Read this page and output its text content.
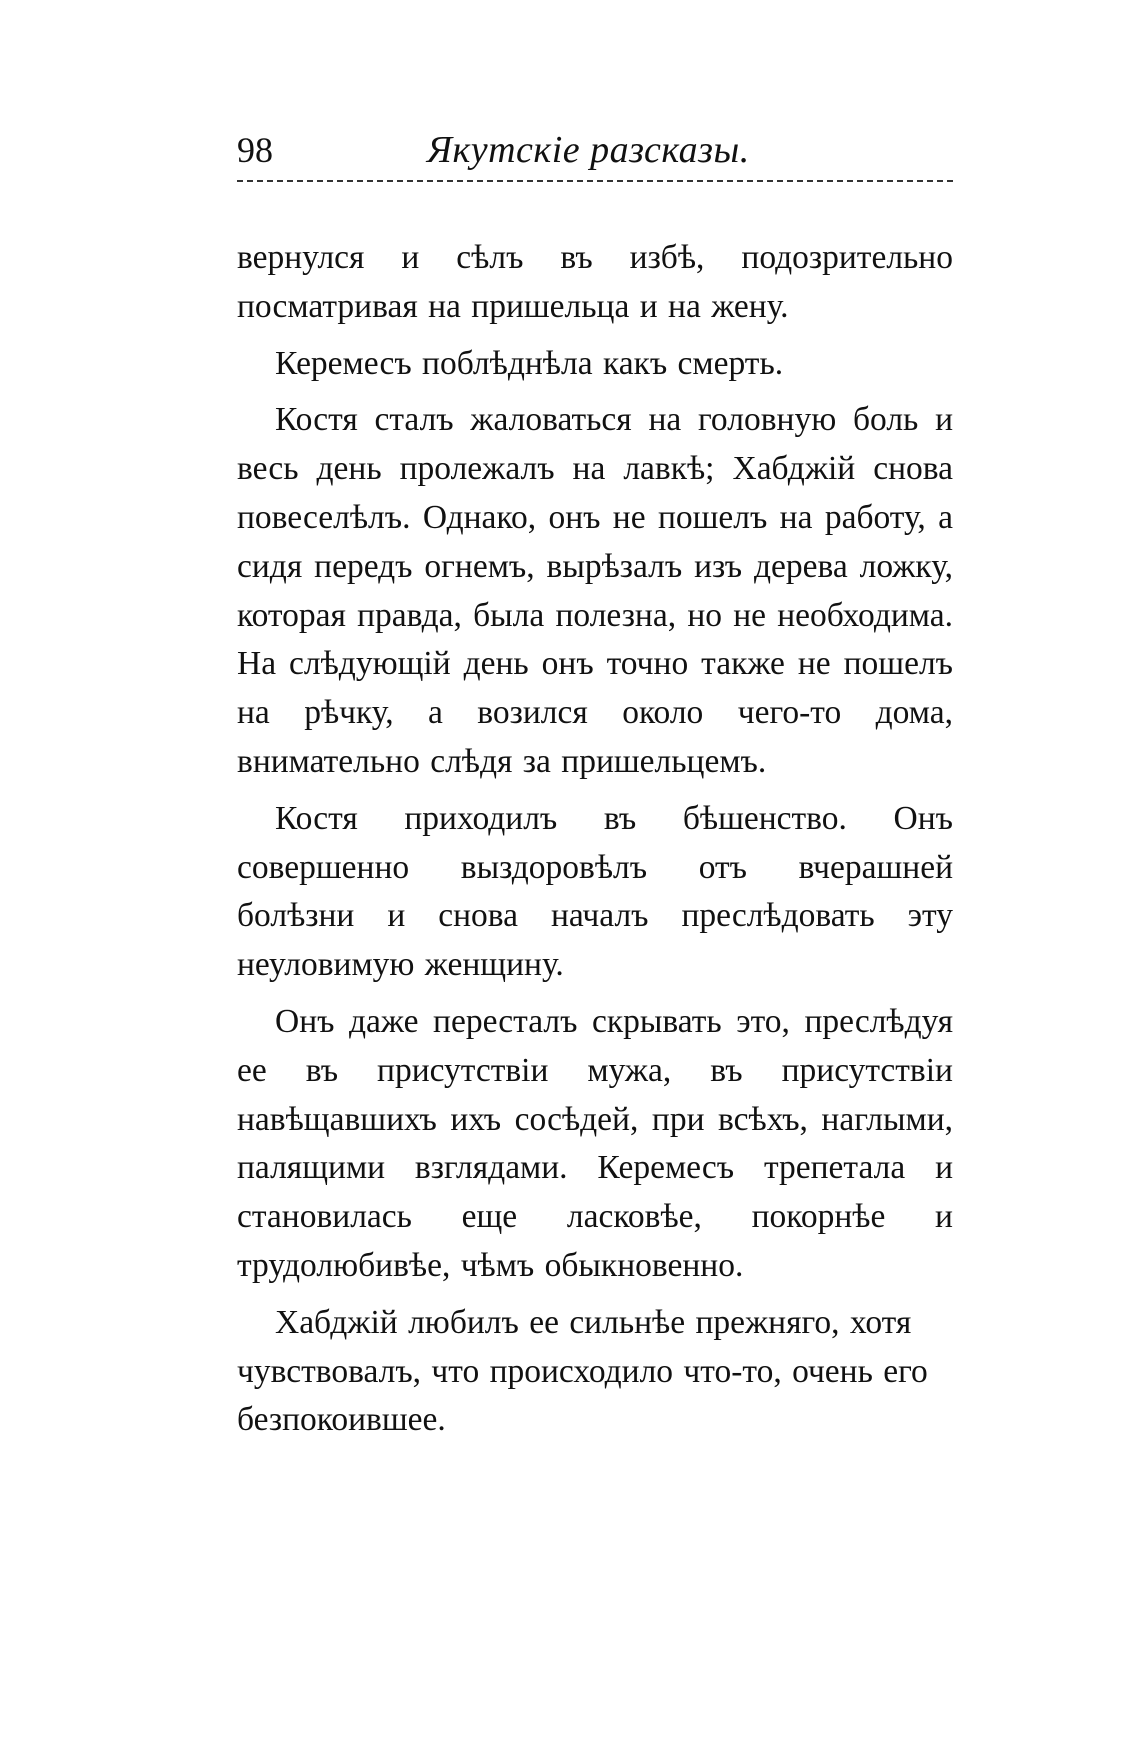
98	Якутскіе разсказы.

вернулся и сѣлъ въ избѣ, подозрительно посматривая на пришельца и на жену.

Керемесъ поблѣднѣла какъ смерть.

Костя сталъ жаловаться на головную боль и весь день пролежалъ на лавкѣ; Хабджій снова повеселѣлъ. Однако, онъ не пошелъ на работу, а сидя передъ огнемъ, вырѣзалъ изъ дерева ложку, которая правда, была полезна, но не необходима. На слѣдующій день онъ точно также не пошелъ на рѣчку, а возился около чего-то дома, внимательно слѣдя за пришельцемъ.

Костя приходилъ въ бѣшенство. Онъ совершенно выздоровѣлъ отъ вчерашней болѣзни и снова началъ преслѣдовать эту неуловимую женщину.

Онъ даже пересталъ скрывать это, преслѣдуя ее въ присутствіи мужа, въ присутствіи навѣщавшихъ ихъ сосѣдей, при всѣхъ, наглыми, палящими взглядами. Керемесъ трепетала и становилась еще ласковѣе, покорнѣе и трудолюбивѣе, чѣмъ обыкновенно.

Хабджій любилъ ее сильнѣе прежняго, хотя чувствовалъ, что происходило что-то, очень его безпокоившее.
